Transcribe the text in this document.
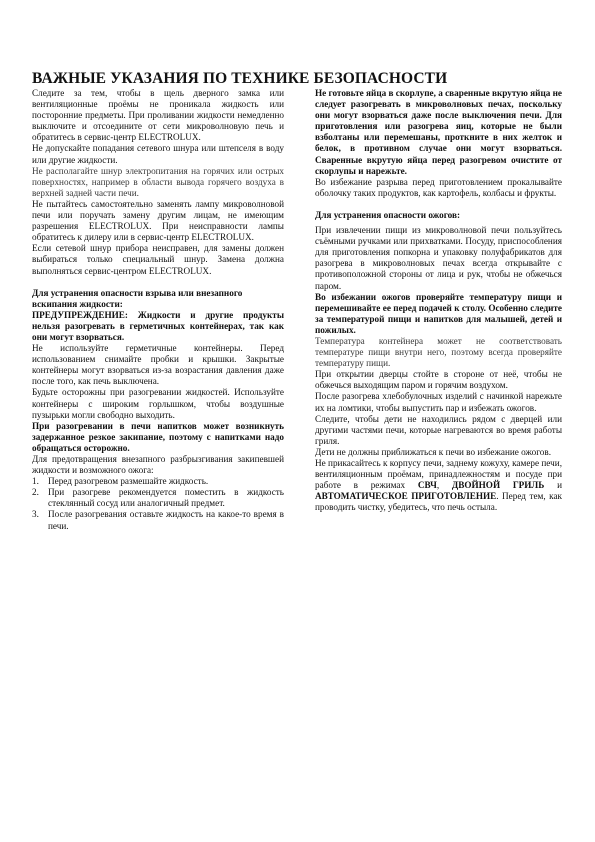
ВАЖНЫЕ УКАЗАНИЯ ПО ТЕХНИКЕ БЕЗОПАСНОСТИ

Следите за тем, чтобы в щель дверного замка или вентиляционные проёмы не проникала жидкость или посторонние предметы. При проливании жидкости немедленно выключите и отсоедините от сети микроволновую печь и обратитесь в сервис-центр ELECTROLUX.

Не допускайте попадания сетевого шнура или штепселя в воду или другие жидкости.

Не располагайте шнур электропитания на горячих или острых поверхностях, например в области вывода горячего воздуха в верхней задней части печи.

Не пытайтесь самостоятельно заменять лампу микроволновой печи или поручать замену другим лицам, не имеющим разрешения ELECTROLUX. При неисправности лампы обратитесь к дилеру или в сервис-центр ELECTROLUX.

Если сетевой шнур прибора неисправен, для замены должен выбираться только специальный шнур. Замена должна выполняться сервис-центром ELECTROLUX.

Для устранения опасности взрыва или внезапного вскипания жидкости:

ПРЕДУПРЕЖДЕНИЕ: Жидкости и другие продукты нельзя разогревать в герметичных контейнерах, так как они могут взорваться.

Не используйте герметичные контейнеры. Перед использованием снимайте пробки и крышки. Закрытые контейнеры могут взорваться из-за возрастания давления даже после того, как печь выключена.

Будьте осторожны при разогревании жидкостей. Используйте контейнеры с широким горлышком, чтобы воздушные пузырьки могли свободно выходить.

При разогревании в печи напитков может возникнуть задержанное резкое закипание, поэтому с напитками надо обращаться осторожно.

Для предотвращения внезапного разбрызгивания закипевшей жидкости и возможного ожога:

1. Перед разогревом размешайте жидкость.
2. При разогреве рекомендуется поместить в жидкость стеклянный сосуд или аналогичный предмет.
3. После разогревания оставьте жидкость на какое-то время в печи.

Не готовьте яйца в скорлупе, а сваренные вкрутую яйца не следует разогревать в микроволновых печах, поскольку они могут взорваться даже после выключения печи. Для приготовления или разогрева яиц, которые не были взболтаны или перемешаны, проткните в них желток и белок, в противном случае они могут взорваться. Сваренные вкрутую яйца перед разогревом очистите от скорлупы и нарежьте.

Во избежание разрыва перед приготовлением прокалывайте оболочку таких продуктов, как картофель, колбасы и фрукты.

Для устранения опасности ожогов:

При извлечении пищи из микроволновой печи пользуйтесь съёмными ручками или прихватками. Посуду, приспособления для приготовления попкорна и упаковку полуфабрикатов для разогрева в микроволновых печах всегда открывайте с противоположной стороны от лица и рук, чтобы не обжечься паром.

Во избежании ожогов проверяйте температуру пищи и перемешивайте ее перед подачей к столу. Особенно следите за температурой пищи и напитков для малышей, детей и пожилых.

Температура контейнера может не соответствовать температуре пищи внутри него, поэтому всегда проверяйте температуру пищи.

При открытии дверцы стойте в стороне от неё, чтобы не обжечься выходящим паром и горячим воздухом.

После разогрева хлебобулочных изделий с начинкой нарежьте их на ломтики, чтобы выпустить пар и избежать ожогов.

Следите, чтобы дети не находились рядом с дверцей или другими частями печи, которые нагреваются во время работы гриля.

Дети не должны приближаться к печи во избежание ожогов.

Не прикасайтесь к корпусу печи, заднему кожуху, камере печи, вентиляционным проёмам, принадлежностям и посуде при работе в режимах СВЧ, ДВОЙНОЙ ГРИЛЬ и АВТОМАТИЧЕСКОЕ ПРИГОТОВЛЕНИЕ. Перед тем, как проводить чистку, убедитесь, что печь остыла.
